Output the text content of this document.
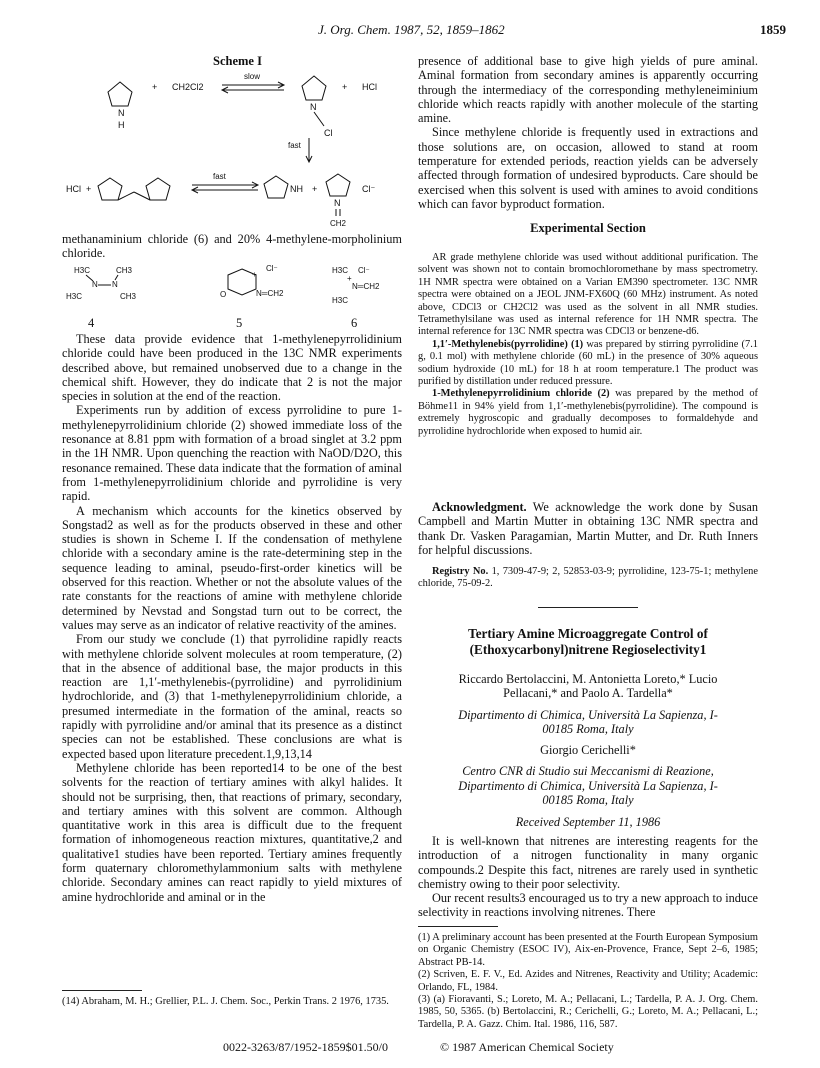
J. Org. Chem. 1987, 52, 1859–1862	1859
Scheme I
N
H
+ CH2Cl2
slow
N
Cl
+ HCl
fast
HCl +
fast
NH +
N
CH2
Cl⁻

methanaminium chloride (6) and 20% 4-methylene-morpholinium chloride.

H3C	CH3
N N
H3C	CH3	O
+
N═CH2
Cl⁻	H3C Cl⁻
+
N═CH2
H3C
4	5	6

These data provide evidence that 1-methylenepyrrolidinium chloride could have been produced in the 13C NMR experiments described above, but remained unobserved due to a change in the chemical shift. However, they do indicate that 2 is not the major species in solution at the end of the reaction.

Experiments run by addition of excess pyrrolidine to pure 1-methylenepyrrolidinium chloride (2) showed immediate loss of the resonance at 8.81 ppm with formation of a broad singlet at 3.2 ppm in the 1H NMR. Upon quenching the reaction with NaOD/D2O, this resonance remained. These data indicate that the formation of aminal from 1-methylenepyrrolidinium chloride and pyrrolidine is very rapid.

A mechanism which accounts for the kinetics observed by Songstad2 as well as for the products observed in these and other studies is shown in Scheme I. If the condensation of methylene chloride with a secondary amine is the rate-determining step in the sequence leading to aminal, pseudo-first-order kinetics will be observed for this reaction. Whether or not the absolute values of the rate constants for the reactions of amine with methylene chloride determined by Nevstad and Songstad turn out to be correct, the values may serve as an indicator of relative reactivity of the amines.

From our study we conclude (1) that pyrrolidine rapidly reacts with methylene chloride solvent molecules at room temperature, (2) that in the absence of additional base, the major products in this reaction are 1,1′-methylenebis-(pyrrolidine) and pyrrolidinium hydrochloride, and (3) that 1-methylenepyrrolidinium chloride, a presumed intermediate in the formation of the aminal, reacts so rapidly with pyrrolidine and/or aminal that its presence as a distinct species can not be established. These conclusions are what is expected based upon literature precedent.1,9,13,14

Methylene chloride has been reported14 to be one of the best solvents for the reaction of tertiary amines with alkyl halides. It should not be surprising, then, that reactions of primary, secondary, and tertiary amines with this solvent are common. Although quantitative work in this area is difficult due to the frequent formation of inhomogeneous reaction mixtures, quantitative,2 and qualitative1 studies have been reported. Tertiary amines frequently form quaternary chloromethylammonium salts with methylene chloride. Secondary amines can react rapidly to yield mixtures of amine hydrochloride and aminal or in the

(14) Abraham, M. H.; Grellier, P.L. J. Chem. Soc., Perkin Trans. 2 1976, 1735.

presence of additional base to give high yields of pure aminal. Aminal formation from secondary amines is apparently occurring through the intermediacy of the corresponding methyleneiminium chloride which reacts rapidly with another molecule of the starting amine.

Since methylene chloride is frequently used in extractions and those solutions are, on occasion, allowed to stand at room temperature for extended periods, reaction yields can be adversely affected through formation of undesired byproducts. Care should be exercised when this solvent is used with amines to avoid conditions which can favor byproduct formation.

Experimental Section

AR grade methylene chloride was used without additional purification. The solvent was shown not to contain bromochloromethane by mass spectrometry. 1H NMR spectra were obtained on a Varian EM390 spectrometer. 13C NMR spectra were obtained on a JEOL JNM-FX60Q (60 MHz) instrument. As noted above, CDCl3 or CH2Cl2 was used as the solvent in all NMR studies. Tetramethylsilane was used as internal reference for 1H NMR spectra. The internal reference for 13C NMR spectra was CDCl3 or benzene-d6.

1,1′-Methylenebis(pyrrolidine) (1) was prepared by stirring pyrrolidine (7.1 g, 0.1 mol) with methylene chloride (60 mL) in the presence of 30% aqueous sodium hydroxide (10 mL) for 18 h at room temperature.1 The product was purified by distillation under reduced pressure.

1-Methylenepyrrolidinium chloride (2) was prepared by the method of Böhme11 in 94% yield from 1,1′-methylenebis(pyrrolidine). The compound is extremely hygroscopic and gradually decomposes to formaldehyde and pyrrolidine hydrochloride when exposed to humid air.

Acknowledgment. We acknowledge the work done by Susan Campbell and Martin Mutter in obtaining 13C NMR spectra and thank Dr. Vasken Paragamian, Martin Mutter, and Dr. Ruth Inners for helpful discussions.

Registry No. 1, 7309-47-9; 2, 52853-03-9; pyrrolidine, 123-75-1; methylene chloride, 75-09-2.

Tertiary Amine Microaggregate Control of (Ethoxycarbonyl)nitrene Regioselectivity1

Riccardo Bertolaccini, M. Antonietta Loreto,* Lucio Pellacani,* and Paolo A. Tardella*

Dipartimento di Chimica, Università La Sapienza, I-00185 Roma, Italy

Giorgio Cerichelli*

Centro CNR di Studio sui Meccanismi di Reazione, Dipartimento di Chimica, Università La Sapienza, I-00185 Roma, Italy

Received September 11, 1986

It is well-known that nitrenes are interesting reagents for the introduction of a nitrogen functionality in many organic compounds.2 Despite this fact, nitrenes are rarely used in synthetic chemistry owing to their poor selectivity.

Our recent results3 encouraged us to try a new approach to induce selectivity in reactions involving nitrenes. There

(1) A preliminary account has been presented at the Fourth European Symposium on Organic Chemistry (ESOC IV), Aix-en-Provence, France, Sept 2–6, 1985; Abstract PB-14.

(2) Scriven, E. F. V., Ed. Azides and Nitrenes, Reactivity and Utility; Academic: Orlando, FL, 1984.

(3) (a) Fioravanti, S.; Loreto, M. A.; Pellacani, L.; Tardella, P. A. J. Org. Chem. 1985, 50, 5365. (b) Bertolaccini, R.; Cerichelli, G.; Loreto, M. A.; Pellacani, L.; Tardella, P. A. Gazz. Chim. Ital. 1986, 116, 587.

0022-3263/87/1952-1859$01.50/0	© 1987 American Chemical Society
